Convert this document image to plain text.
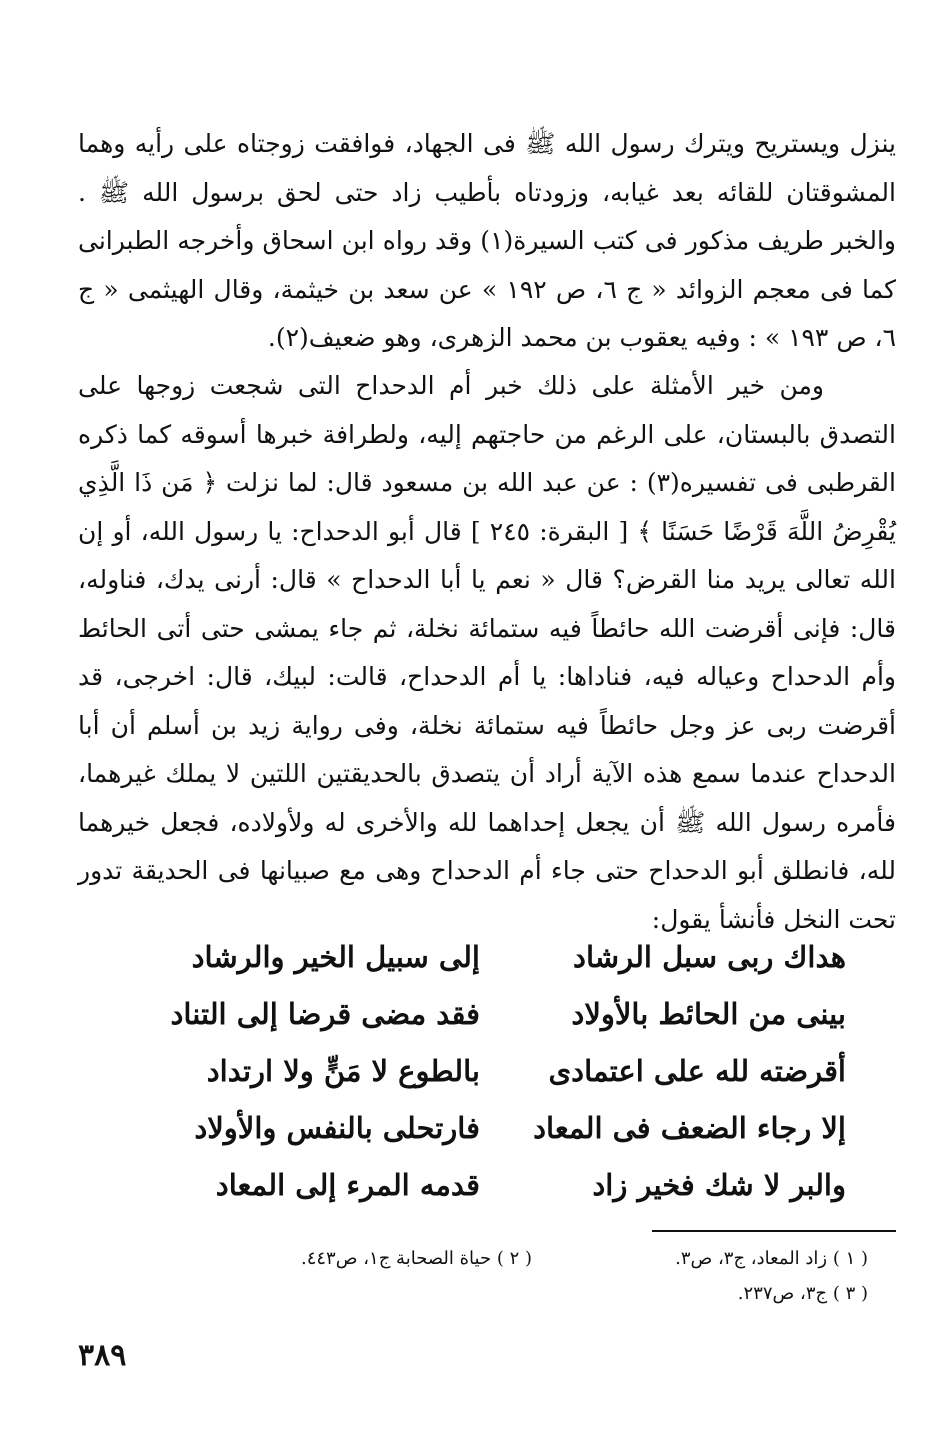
ينزل ويستريح ويترك رسول الله ﷺ فى الجهاد، فوافقت زوجتاه على رأيه وهما المشوقتان للقائه بعد غيابه، وزودتاه بأطيب زاد حتى لحق برسول الله ﷺ . والخبر طريف مذكور فى كتب السيرة(١) وقد رواه ابن اسحاق وأخرجه الطبرانى كما فى معجم الزوائد « ج ٦، ص ١٩٢ » عن سعد بن خيثمة، وقال الهيثمى « ج ٦، ص ١٩٣ » : وفيه يعقوب بن محمد الزهرى، وهو ضعيف(٢).
ومن خير الأمثلة على ذلك خبر أم الدحداح التى شجعت زوجها على التصدق بالبستان، على الرغم من حاجتهم إليه، ولطرافة خبرها أسوقه كما ذكره القرطبى فى تفسيره(٣) : عن عبد الله بن مسعود قال: لما نزلت ﴿ مَن ذَا الَّذِي يُقْرِضُ اللَّهَ قَرْضًا حَسَنًا ﴾ [ البقرة: ٢٤٥ ] قال أبو الدحداح: يا رسول الله، أو إن الله تعالى يريد منا القرض؟ قال « نعم يا أبا الدحداح » قال: أرنى يدك، فناوله، قال: فإنى أقرضت الله حائطاً فيه ستمائة نخلة، ثم جاء يمشى حتى أتى الحائط وأم الدحداح وعياله فيه، فناداها: يا أم الدحداح، قالت: لبيك، قال: اخرجى، قد أقرضت ربى عز وجل حائطاً فيه ستمائة نخلة، وفى رواية زيد بن أسلم أن أبا الدحداح عندما سمع هذه الآية أراد أن يتصدق بالحديقتين اللتين لا يملك غيرهما، فأمره رسول الله ﷺ أن يجعل إحداهما لله والأخرى له ولأولاده، فجعل خيرهما لله، فانطلق أبو الدحداح حتى جاء أم الدحداح وهى مع صبيانها فى الحديقة تدور تحت النخل فأنشأ يقول:
هداك ربى سبل الرشاد
إلى سبيل الخير والرشاد
بينى من الحائط بالأولاد
فقد مضى قرضا إلى التناد
أقرضته لله على اعتمادى
بالطوع لا مَنٍّ ولا ارتداد
إلا رجاء الضعف فى المعاد
فارتحلى بالنفس والأولاد
والبر لا شك فخير زاد
قدمه المرء إلى المعاد
( ١ ) زاد المعاد، ج٣، ص٣.
( ٢ ) حياة الصحابة ج١، ص٤٤٣.
( ٣ ) ج٣، ص٢٣٧.
٣٨٩
